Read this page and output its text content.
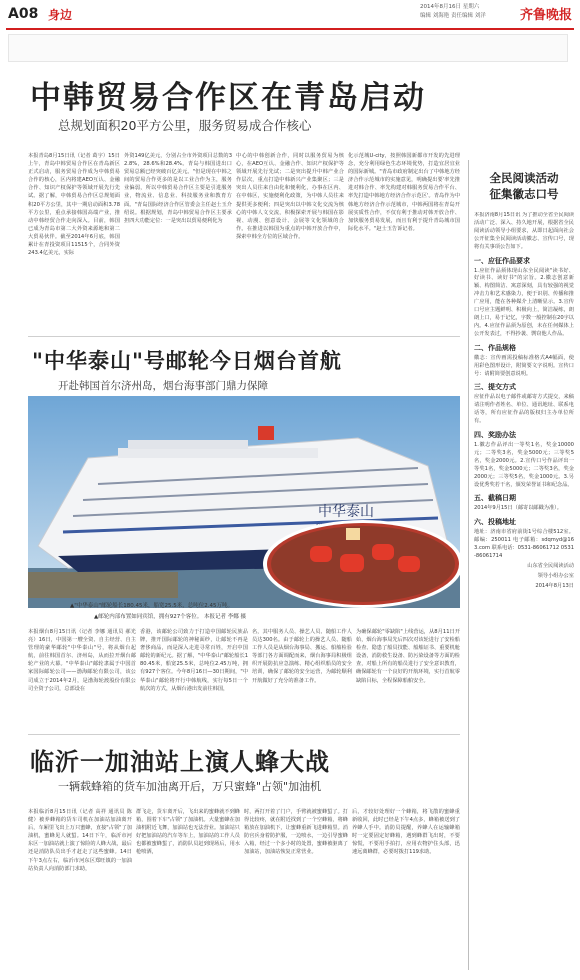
A08 身边
2014年8月16日 星期六
编辑 刘海艳 责任编辑 刘洋	齐鲁晚报
中韩贸易合作区在青岛启动
总规划面积20平方公里，服务贸易成合作核心
本报青岛8月15日讯（记者 葛宇）15日上午，青岛中韩贸易合作区在青岛新区正式启动，服务贸易合作成为中韩贸易合作的核心，区内将建AEO互认、金融合作、知识产权保护等领域开展先行先试。据了解，中韩贸易合作区总规划面积20平方公里，其中一期启动面积3.78平方公里，重点承接韩国高端产业，推动中韩经贸合作走向深入。目前，韩国已成为青岛市第二大外资来源地和第二大贸易伙伴。截至2014年6月底，韩国累计在青投资项目11515个，合同外资243.4亿美元，实际
外资149亿美元，分别占全市外资项目总数的32.8%，28.6%和28.4%。青岛与韩国进出口贸易总额已经突破百亿美元。"但是现在中韩之间的贸易合作更多的是以工业合作为主，服务业偏弱，所以中韩贸易合作区主要是引进服务业，物流业、信息业、科技服务业和教育方面。"青岛国际经济合作区管委会主任赵士玉介绍说。根据规划，青岛中韩贸易合作区主要承担四大功能定位：一是突出以贸易便利化为
中心的中韩创新合作，同时以服务贸易为核心，在AEO互认、金融合作、知识产权保护等领域开展先行先试；二是突出提升中韩产业合作层次，重点打造中韩新兴产业集聚区；三是突出人员往来自由化和便利化，办事在区内、在中韩区，实施便利化政策，为中韩人员往来提供更多便利；四是突出以中韩文化交流为核心的中韩人文交流，积极探索开展与韩国在影视、动漫、创意设计、会展等文化领域的合作。在推进以韩国为重点的中韩开放合作中，探索中韩全方位的区域合作。
化示范城U-city，按照韩国新都市开发的先进理念，充分利用绿色生态环境优势，打造宜居宜业的国际新城。"青岛市政府制定出台了中韩地方经济合作示范城市的实施意见，明确提出要'率先推进对韩合作、率先构建对韩服务贸易合作平台、率先打造中韩地方经济合作示范区'。青岛作为中韩地方经济合作示范城市，中韩两国将在青岛开展实质性合作，不仅有利于推动对韩开放合作、加快服务贸易发展，而且有利于提升青岛城市国际化水平。"赵士玉告诉记者。
全民阅读活动
征集徽志口号

本报济南8月15日讯 为了推动全省全民阅读活动广泛、深入、持久地开展，根据省全民阅读活动领导小组要求，从即日起面向社会公开征集全民阅读活动徽志、宣传口号，现将有关事项公告如下。

一、应征作品要求

1.应征作品须体现山东全民阅读"读书好、好读书、读好书"的宗旨。2.徽志创意新颖、构图简洁、寓意深刻，具有较强的视觉冲击力和艺术感染力，便于识别、传播和推广应用，能在各种媒介上清晰显示。3.宣传口号应主题鲜明、积极向上，简洁凝练，朗朗上口，易于记忆，字数一般控制在20字以内。4.应征作品须为原创，未在任何媒体上公开发表过，不得抄袭、剽窃他人作品。

二、作品规格

徽志：宣传画需投稿标准格式A4幅面，使用彩色图形设计，附简要文字说明。宣传口号：请附简要创意说明。

三、提交方式

应征作品以电子邮件或邮寄方式提交，来稿请注明作者姓名、单位、通讯地址、联系电话等，所有应征作品的版权归主办单位所有。

四、奖励办法

1.徽志作品评出一等奖1名，奖金10000元；二等奖3名，奖金5000元；三等奖5名，奖金2000元。2.宣传口号作品评出一等奖1名，奖金5000元；二等奖3名，奖金2000元；三等奖5名，奖金1000元。3.另设优秀奖若干名，颁发荣誉证书和纪念品。

五、截稿日期

2014年9月15日（邮寄以邮戳为准）。

六、投稿地址

地址：济南市省府前街1号综合楼512室。邮编：250011 电子邮箱：sdqmyd@163.com 联系电话：0531-86061712 0531-86061714

山东省全民阅读活动

领导小组办公室

2014年8月13日

"中华泰山"号邮轮今日烟台首航
开赴韩国首尔济州岛，烟台海事部门鼎力保障
中华泰山
▲"中华泰山"邮轮船长180.45米，船宽25.5米，总吨位2.45万吨。
▲邮轮内部布置如同宾馆，拥有927个客位。 本报记者 李娜 摄
本报烟台8月15日讯（记者 李娜 通讯员 郝光亮）16日，中国第一艘全资、自主经营、自主管理的豪华邮轮"中华泰山"号，将从烟台起航，前往韩国首尔、济州岛，从而拉开烟台邮轮产业的大幕。"中华泰山"邮轮隶属于中国首家国际邮轮公司——渤海邮轮有限公司，该公司成立于2014年2月，是渤海轮渡股份有限公司全资子公司，总部设在
香港，该邮轮公司致力于打造中国邮轮民族品牌，推开国际邮轮的神秘面纱，让邮轮不再是奢侈商品，而是深入走进寻常百姓，开启中国邮轮的新纪元。据了解，"中华泰山"邮轮船长180.45米，船宽25.5米，总吨位2.45万吨，拥有927个客位。今年8月16日—30日期间，"中华泰山"邮轮将开行中韩航线，实行每5日一个航次的方式，从烟台港出发前往韩国，
名，其中服务人员、操艺人员、随船工作人员达300名。由于邮轮上的操艺人员、随船工作人员是从烟台海事局、搬运、船舶检验等部门各方面调配而来，烟台海事局积极组织开展防抗应急演练、精心组织船员的安全培训，确保了邮轮的安全运营，为邮轮顺利开航做好了充分的准备工作。
为确保邮轮"零缺陷"上线营运，从8月11日开始，烟台海事局先后四次对该轮进行了安检船检查、隐患了船员技能、船舶证书、重要机舱设备，消防救生设备、防污染设备等方面的检查，对船上所有的船员进行了安全意识教育，确保邮轮有一个良好的开航环境，实行首航零缺陷目标，全程保障船舶安全。
临沂一加油站上演人蜂大战
一辆载蜂箱的货车加油离开后，万只蜜蜂"占领"加油机
本报临沂8月15日讯（记者 高祥 通讯员 陈健）被养蜂箱的货车司机在加油站加油离开后，车厢里飞出上万只蜜蜂，直接"占领"了加油机，蜜蜂见人就蜇。14日下午，临沂市河东区一加油站就上演了惊险的人蜂大战，最后还是消防队员出手才赶走了这些蜜蜂。14日下午3点左右，临沂市河东区郑旺镇的一加油站负责人向消防部门求助，
群飞走，货车离开后，飞出来的蜜蜂就不到蜂箱，围着下车"占领"了加油机。大量蜜蜂在加油机附近飞舞，加油站也无法营业。加油站只好把加油站的汽车等车上，加油站的工作人员也都被蜜蜂蜇了，消防队员赶到现场后，用水枪喷洒，
时，两打开着了门户，手臂就被蜜蜂蜇了。打得比较疼，就在附近找到了一个空蜂箱，将蜂箱放在加油机下，让蜜蜂重新飞进蜂箱里。消防官兵身着防护服，一边喷水，一边引导蜜蜂入箱，经过一个多小时的处置，蜜蜂被驱离了加油站，加油站恢复正常营业。
后，才较好处理好一个蜂箱，将飞散的蜜蜂重新收回，此时已经是下午4点多，蜂箱被送到了养蜂人手中。消防员提醒，养蜂人在运输蜂箱时一定要固定好蜂箱，遇到蜂群飞出时，不要惊慌，不要用手拍打，应用衣物护住头部，迅速远离蜂群，必要时拨打119求助。
